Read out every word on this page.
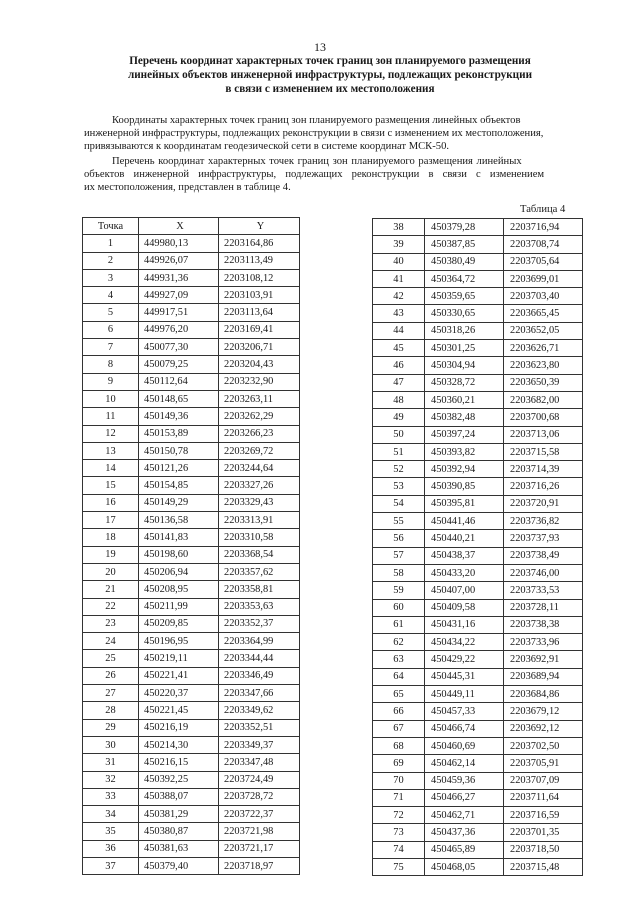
13
Перечень координат характерных точек границ зон планируемого размещения
линейных объектов инженерной инфраструктуры, подлежащих реконструкции
в связи с изменением их местоположения
Координаты характерных точек границ зон планируемого размещения линейных объектов
инженерной инфраструктуры, подлежащих реконструкции в связи с изменением их местоположения,
привязываются к координатам геодезической сети в системе координат МСК-50.
Перечень координат характерных точек границ зон планируемого размещения линейных
объектов инженерной инфраструктуры, подлежащих реконструкции в связи с изменением
их местоположения, представлен в таблице 4.
Таблица 4
Точка	X	Y
1	449980,13	2203164,86
2	449926,07	2203113,49
3	449931,36	2203108,12
4	449927,09	2203103,91
5	449917,51	2203113,64
6	449976,20	2203169,41
7	450077,30	2203206,71
8	450079,25	2203204,43
9	450112,64	2203232,90
10	450148,65	2203263,11
11	450149,36	2203262,29
12	450153,89	2203266,23
13	450150,78	2203269,72
14	450121,26	2203244,64
15	450154,85	2203327,26
16	450149,29	2203329,43
17	450136,58	2203313,91
18	450141,83	2203310,58
19	450198,60	2203368,54
20	450206,94	2203357,62
21	450208,95	2203358,81
22	450211,99	2203353,63
23	450209,85	2203352,37
24	450196,95	2203364,99
25	450219,11	2203344,44
26	450221,41	2203346,49
27	450220,37	2203347,66
28	450221,45	2203349,62
29	450216,19	2203352,51
30	450214,30	2203349,37
31	450216,15	2203347,48
32	450392,25	2203724,49
33	450388,07	2203728,72
34	450381,29	2203722,37
35	450380,87	2203721,98
36	450381,63	2203721,17
37	450379,40	2203718,97
38	450379,28	2203716,94
39	450387,85	2203708,74
40	450380,49	2203705,64
41	450364,72	2203699,01
42	450359,65	2203703,40
43	450330,65	2203665,45
44	450318,26	2203652,05
45	450301,25	2203626,71
46	450304,94	2203623,80
47	450328,72	2203650,39
48	450360,21	2203682,00
49	450382,48	2203700,68
50	450397,24	2203713,06
51	450393,82	2203715,58
52	450392,94	2203714,39
53	450390,85	2203716,26
54	450395,81	2203720,91
55	450441,46	2203736,82
56	450440,21	2203737,93
57	450438,37	2203738,49
58	450433,20	2203746,00
59	450407,00	2203733,53
60	450409,58	2203728,11
61	450431,16	2203738,38
62	450434,22	2203733,96
63	450429,22	2203692,91
64	450445,31	2203689,94
65	450449,11	2203684,86
66	450457,33	2203679,12
67	450466,74	2203692,12
68	450460,69	2203702,50
69	450462,14	2203705,91
70	450459,36	2203707,09
71	450466,27	2203711,64
72	450462,71	2203716,59
73	450437,36	2203701,35
74	450465,89	2203718,50
75	450468,05	2203715,48
